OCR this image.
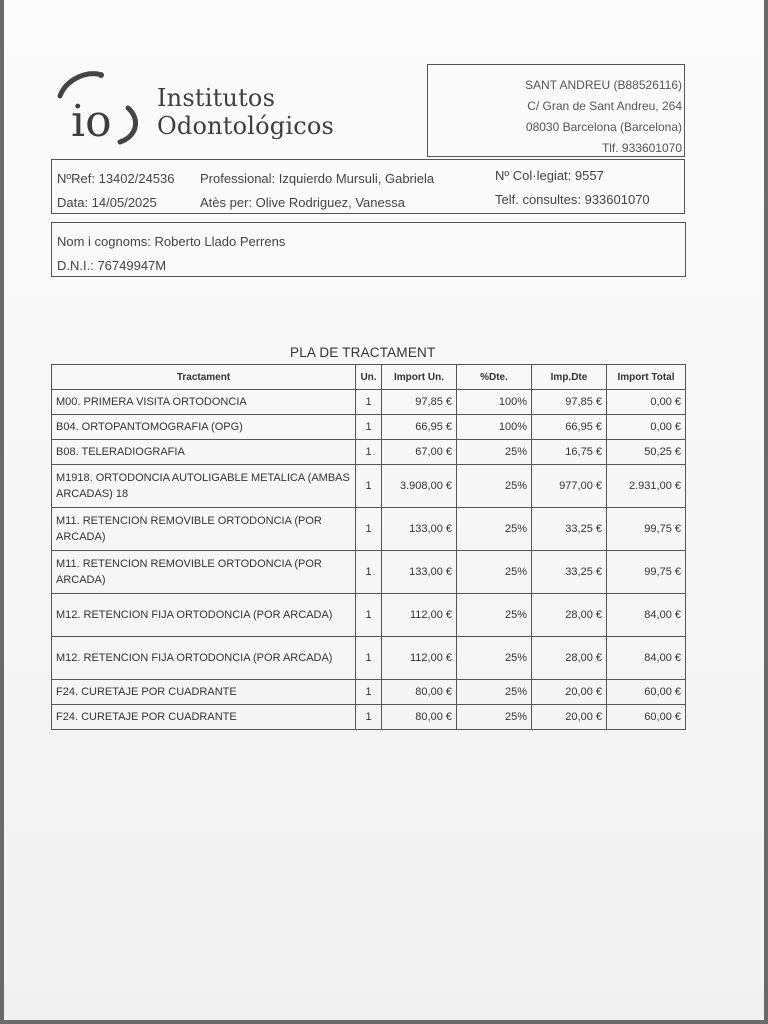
io Institutos
Odontológicos
SANT ANDREU (B88526116)
C/ Gran de Sant Andreu, 264
08030 Barcelona (Barcelona)
Tlf. 933601070
NºRef: 13402/24536
Data: 14/05/2025
Professional: Izquierdo Mursuli, Gabriela
Atès per: Olive Rodriguez, Vanessa
Nº Col·legiat: 9557
Telf. consultes: 933601070
Nom i cognoms: Roberto Llado Perrens
D.N.I.: 76749947M
PLA DE TRACTAMENT
Tractament	Un.	Import Un.	%Dte.	Imp.Dte	Import Total
M00. PRIMERA VISITA ORTODONCIA	1	97,85 €	100%	97,85 €	0,00 €
B04. ORTOPANTOMOGRAFIA (OPG)	1	66,95 €	100%	66,95 €	0,00 €
B08. TELERADIOGRAFIA	1	67,00 €	25%	16,75 €	50,25 €
M1918. ORTODONCIA AUTOLIGABLE METALICA (AMBAS ARCADAS) 18	1	3.908,00 €	25%	977,00 €	2.931,00 €
M11. RETENCION REMOVIBLE ORTODONCIA (POR ARCADA)	1	133,00 €	25%	33,25 €	99,75 €
M11. RETENCION REMOVIBLE ORTODONCIA (POR ARCADA)	1	133,00 €	25%	33,25 €	99,75 €
M12. RETENCION FIJA ORTODONCIA (POR ARCADA)	1	112,00 €	25%	28,00 €	84,00 €
M12. RETENCION FIJA ORTODONCIA (POR ARCADA)	1	112,00 €	25%	28,00 €	84,00 €
F24. CURETAJE POR CUADRANTE	1	80,00 €	25%	20,00 €	60,00 €
F24. CURETAJE POR CUADRANTE	1	80,00 €	25%	20,00 €	60,00 €
